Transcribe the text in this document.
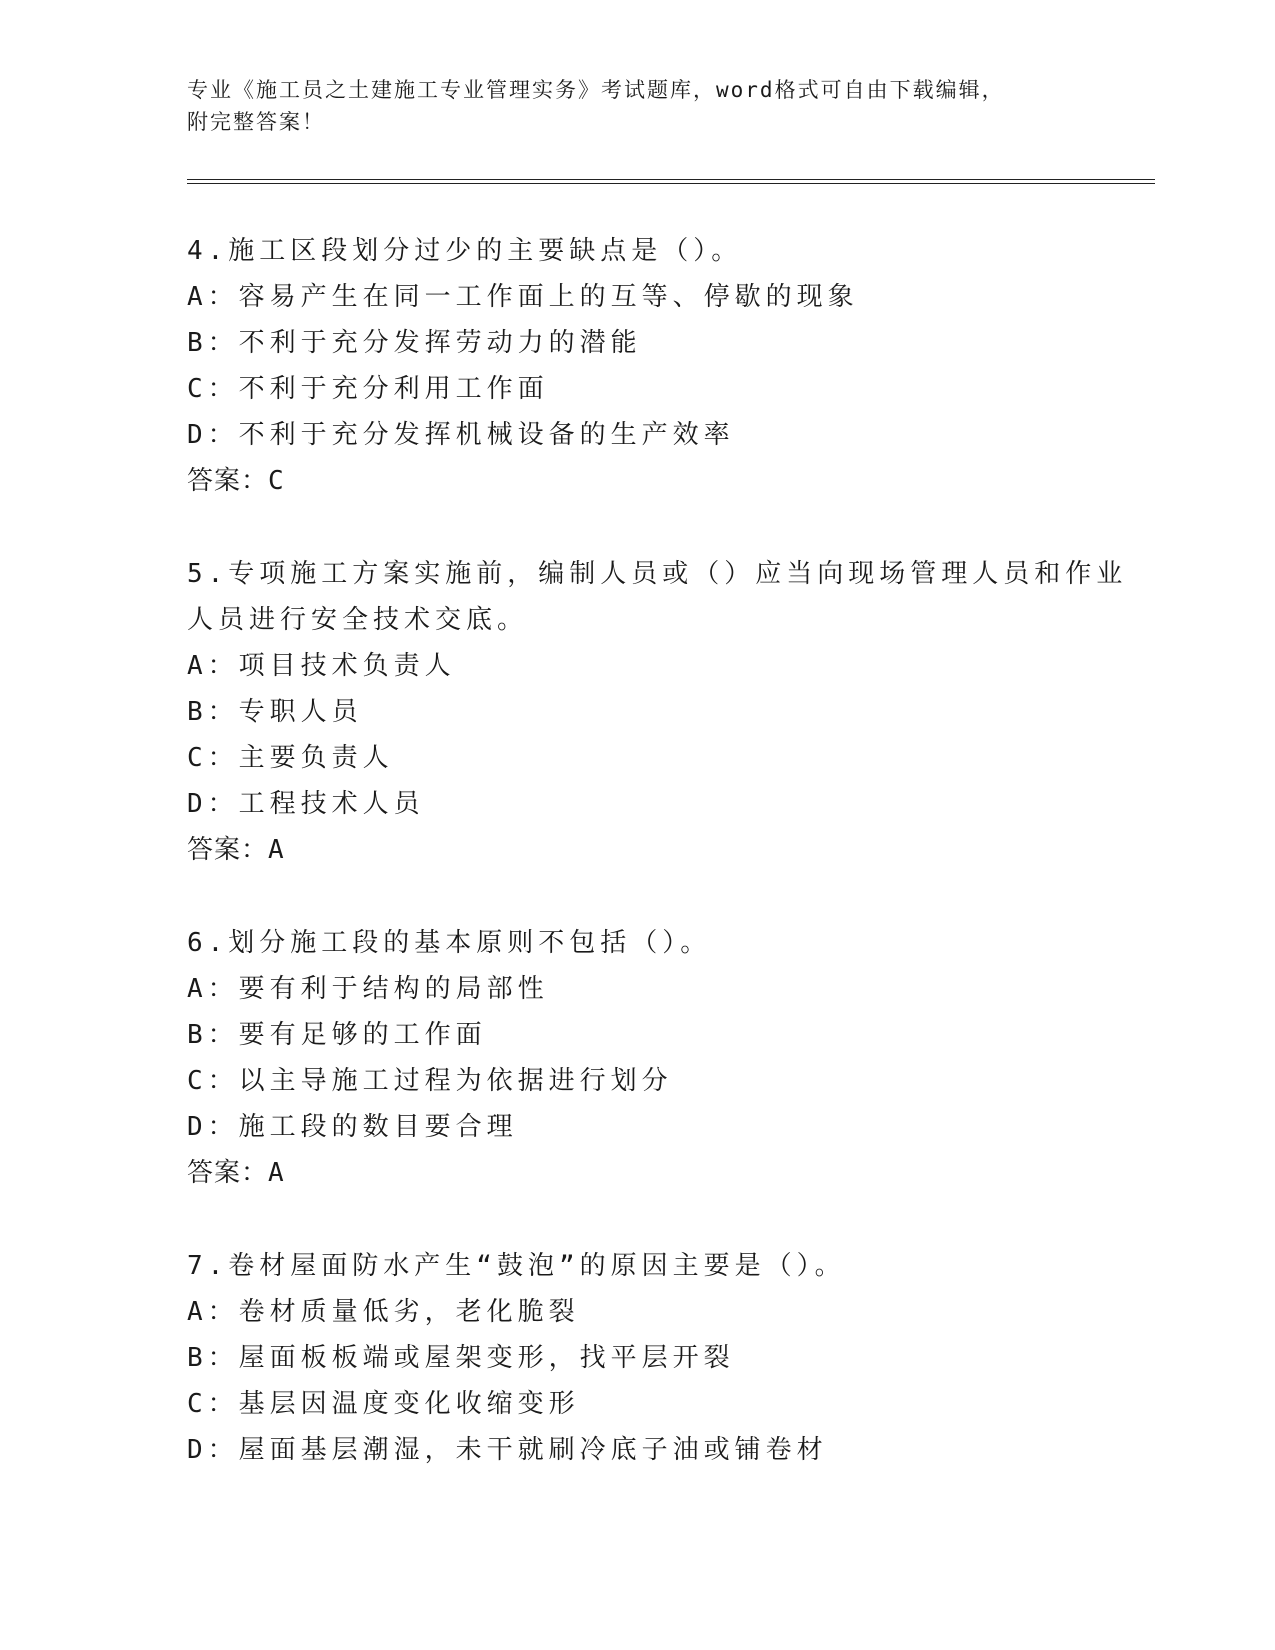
专业《施工员之土建施工专业管理实务》考试题库，word格式可自由下载编辑，
附完整答案！
4.施工区段划分过少的主要缺点是（）。
A：容易产生在同一工作面上的互等、停歇的现象
B：不利于充分发挥劳动力的潜能
C：不利于充分利用工作面
D：不利于充分发挥机械设备的生产效率
答案：C
5.专项施工方案实施前，编制人员或（）应当向现场管理人员和作业
人员进行安全技术交底。
A：项目技术负责人
B：专职人员
C：主要负责人
D：工程技术人员
答案：A
6.划分施工段的基本原则不包括（）。
A：要有利于结构的局部性
B：要有足够的工作面
C：以主导施工过程为依据进行划分
D：施工段的数目要合理
答案：A
7.卷材屋面防水产生“鼓泡”的原因主要是（）。
A：卷材质量低劣，老化脆裂
B：屋面板板端或屋架变形，找平层开裂
C：基层因温度变化收缩变形
D：屋面基层潮湿，未干就刷冷底子油或铺卷材
